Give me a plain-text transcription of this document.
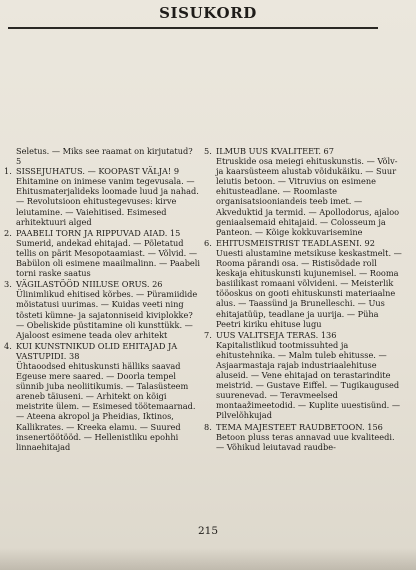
SISUKORD
Seletus. — Miks see raamat on kirjutatud? 5
1. SISSEJUHATUS. — KOOPAST VÄLJA! 9
Ehitamine on inimese vanim tegevusala. — Ehitusmaterjalideks loomade luud ja nahad. — Revolutsioon ehitustegevuses: kirve leiutamine. — Vaiehitised. Esimesed arhitektuuri alged
2. PAABELI TORN JA RIPPUVAD AIAD. 15
Sumerid, andekad ehitajad. — Põletatud tellis on pärit Mesopotaamiast. — Võlvid. — Babülon oli esimene maailmalinn. — Paabeli torni raske saatus
3. VÄGILASTÖÖD NIILUSE ORUS. 26
Ülinimlikud ehitised kõrbes. — Püramiidide mõistatusi uurimas. — Kuidas veeti ning tõsteti kümne- ja sajatonniseid kiviplokke? — Obeliskide püstitamine oli kunsttükk. — Ajaloost esimene teada olev arhitekt
4. KUI KUNSTNIKUD OLID EHITAJAD JA VASTUPIDI. 38
Ühtaoodsed ehituskunsti hälliks saavad Egeuse mere saared. — Doorla tempel sünnib juba neoliitikumis. — Talasüsteem areneb täiuseni. — Arhitekt on kõigi meistrite ülem. — Esimesed töötemaarnad. — Ateena akropol ja Pheidias, Iktinos, Kallikrates. — Kreeka elamu. — Suured insenertöötööd. — Hellenistliku epohhi linnaehitajad
5. ILMUB UUS KVALITEET. 67
Etruskide osa meiegi ehituskunstis. — Võlv- ja kaarsüsteem alustab võidukäiku. — Suur leiutis betoon. — Vitruvius on esimene ehitusteadlane. — Roomlaste organisatsiooniandeis teeb imet. — Akveduktid ja termid. — Apollodorus, ajaloo geniaalsemaid ehitajaid. — Colosseum ja Panteon. — Kõige kokkuvarisemine
6. EHITUSMEISTRIST TEADLASENI. 92
Uuesti alustamine metsikuse keskastmelt. — Rooma pärandi osa. — Ristisõdade roll keskaja ehituskunsti kujunemisel. — Roomа basiilikast romaani võlvideni. — Meisterlik tööoskus on gooti ehituskunsti materiaalne alus. — Taassünd ja Brunelleschi. — Uus ehitajatüüp, teadlane ja uurija. — Püha Peetri kiriku ehituse lugu
7. UUS VALITSEJA TERAS. 136
Kapitalistlikud tootmissuhted ja ehitustehnika. — Malm tuleb ehitusse. — Asjaarmastaja rajab industriaalehituse aluseid. — Vene ehitajad on terastarindite meistrid. — Gustave Eiffel. — Tugikaugused suurenevad. — Teravmeelsed montaažimeetodid. — Kuplite uuestisünd. — Pilvelõhkujad
8. TEMA MAJESTEET RAUDBETOON. 156
Betoon pluss teras annavad uue kvaliteedi. — Võhikud leiutavad raudbe-
215
